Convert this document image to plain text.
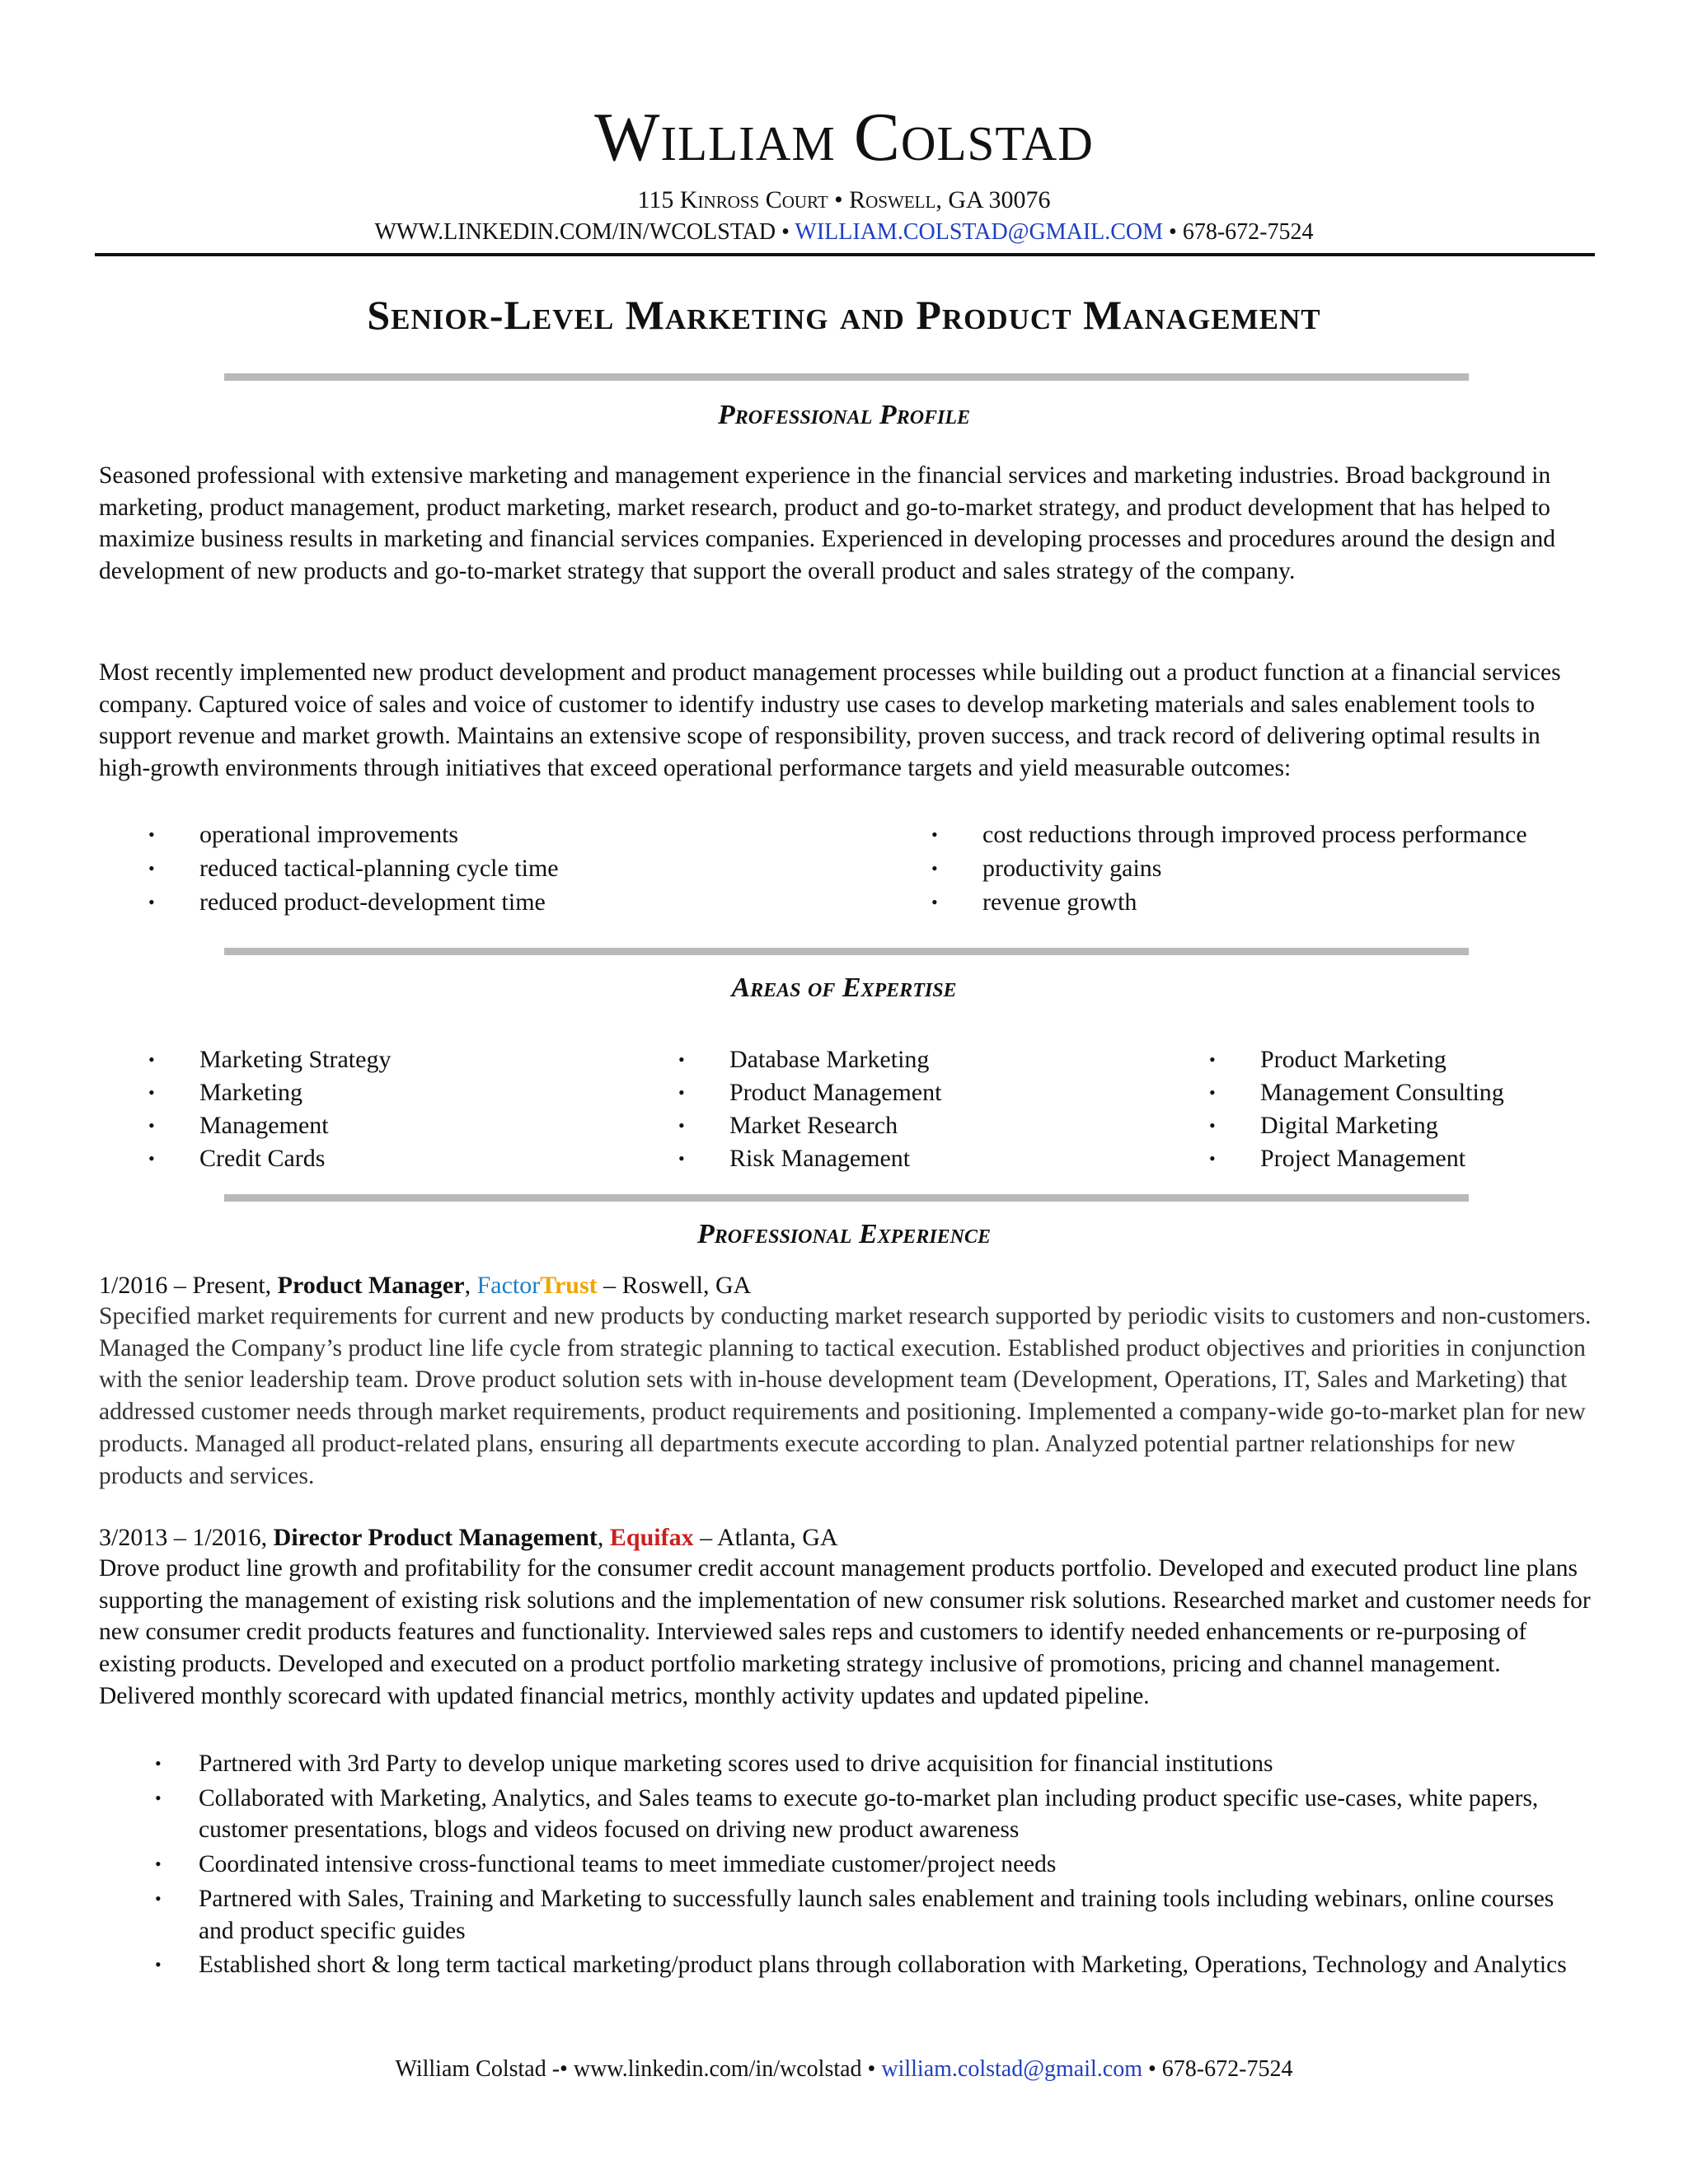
William Colstad
115 Kinross Court • Roswell, GA 30076
WWW.LINKEDIN.COM/IN/WCOLSTAD • WILLIAM.COLSTAD@GMAIL.COM • 678-672-7524
Senior-Level Marketing and Product Management
Professional Profile

Seasoned professional with extensive marketing and management experience in the financial services and marketing industries. Broad background in marketing, product management, product marketing, market research, product and go-to-market strategy, and product development that has helped to maximize business results in marketing and financial services companies. Experienced in developing processes and procedures around the design and development of new products and go-to-market strategy that support the overall product and sales strategy of the company.

Most recently implemented new product development and product management processes while building out a product function at a financial services company. Captured voice of sales and voice of customer to identify industry use cases to develop marketing materials and sales enablement tools to support revenue and market growth. Maintains an extensive scope of responsibility, proven success, and track record of delivering optimal results in high-growth environments through initiatives that exceed operational performance targets and yield measurable outcomes:

• operational improvements
• reduced tactical-planning cycle time
• reduced product-development time
• cost reductions through improved process performance
• productivity gains
• revenue growth
Areas of Expertise
• Marketing Strategy
• Marketing
• Management
• Credit Cards
• Database Marketing
• Product Management
• Market Research
• Risk Management
• Product Marketing
• Management Consulting
• Digital Marketing
• Project Management
Professional Experience
1/2016 – Present, Product Manager, FactorTrust – Roswell, GA

Specified market requirements for current and new products by conducting market research supported by periodic visits to customers and non-customers. Managed the Company’s product line life cycle from strategic planning to tactical execution. Established product objectives and priorities in conjunction with the senior leadership team. Drove product solution sets with in-house development team (Development, Operations, IT, Sales and Marketing) that addressed customer needs through market requirements, product requirements and positioning. Implemented a company-wide go-to-market plan for new products. Managed all product-related plans, ensuring all departments execute according to plan. Analyzed potential partner relationships for new products and services.

3/2013 – 1/2016, Director Product Management, Equifax – Atlanta, GA

Drove product line growth and profitability for the consumer credit account management products portfolio. Developed and executed product line plans supporting the management of existing risk solutions and the implementation of new consumer risk solutions. Researched market and customer needs for new consumer credit products features and functionality. Interviewed sales reps and customers to identify needed enhancements or re-purposing of existing products. Developed and executed on a product portfolio marketing strategy inclusive of promotions, pricing and channel management. Delivered monthly scorecard with updated financial metrics, monthly activity updates and updated pipeline.

• Partnered with 3rd Party to develop unique marketing scores used to drive acquisition for financial institutions
• Collaborated with Marketing, Analytics, and Sales teams to execute go-to-market plan including product specific use-cases, white papers, customer presentations, blogs and videos focused on driving new product awareness
• Coordinated intensive cross-functional teams to meet immediate customer/project needs
• Partnered with Sales, Training and Marketing to successfully launch sales enablement and training tools including webinars, online courses and product specific guides
• Established short & long term tactical marketing/product plans through collaboration with Marketing, Operations, Technology and Analytics
William Colstad -• www.linkedin.com/in/wcolstad • william.colstad@gmail.com • 678-672-7524
